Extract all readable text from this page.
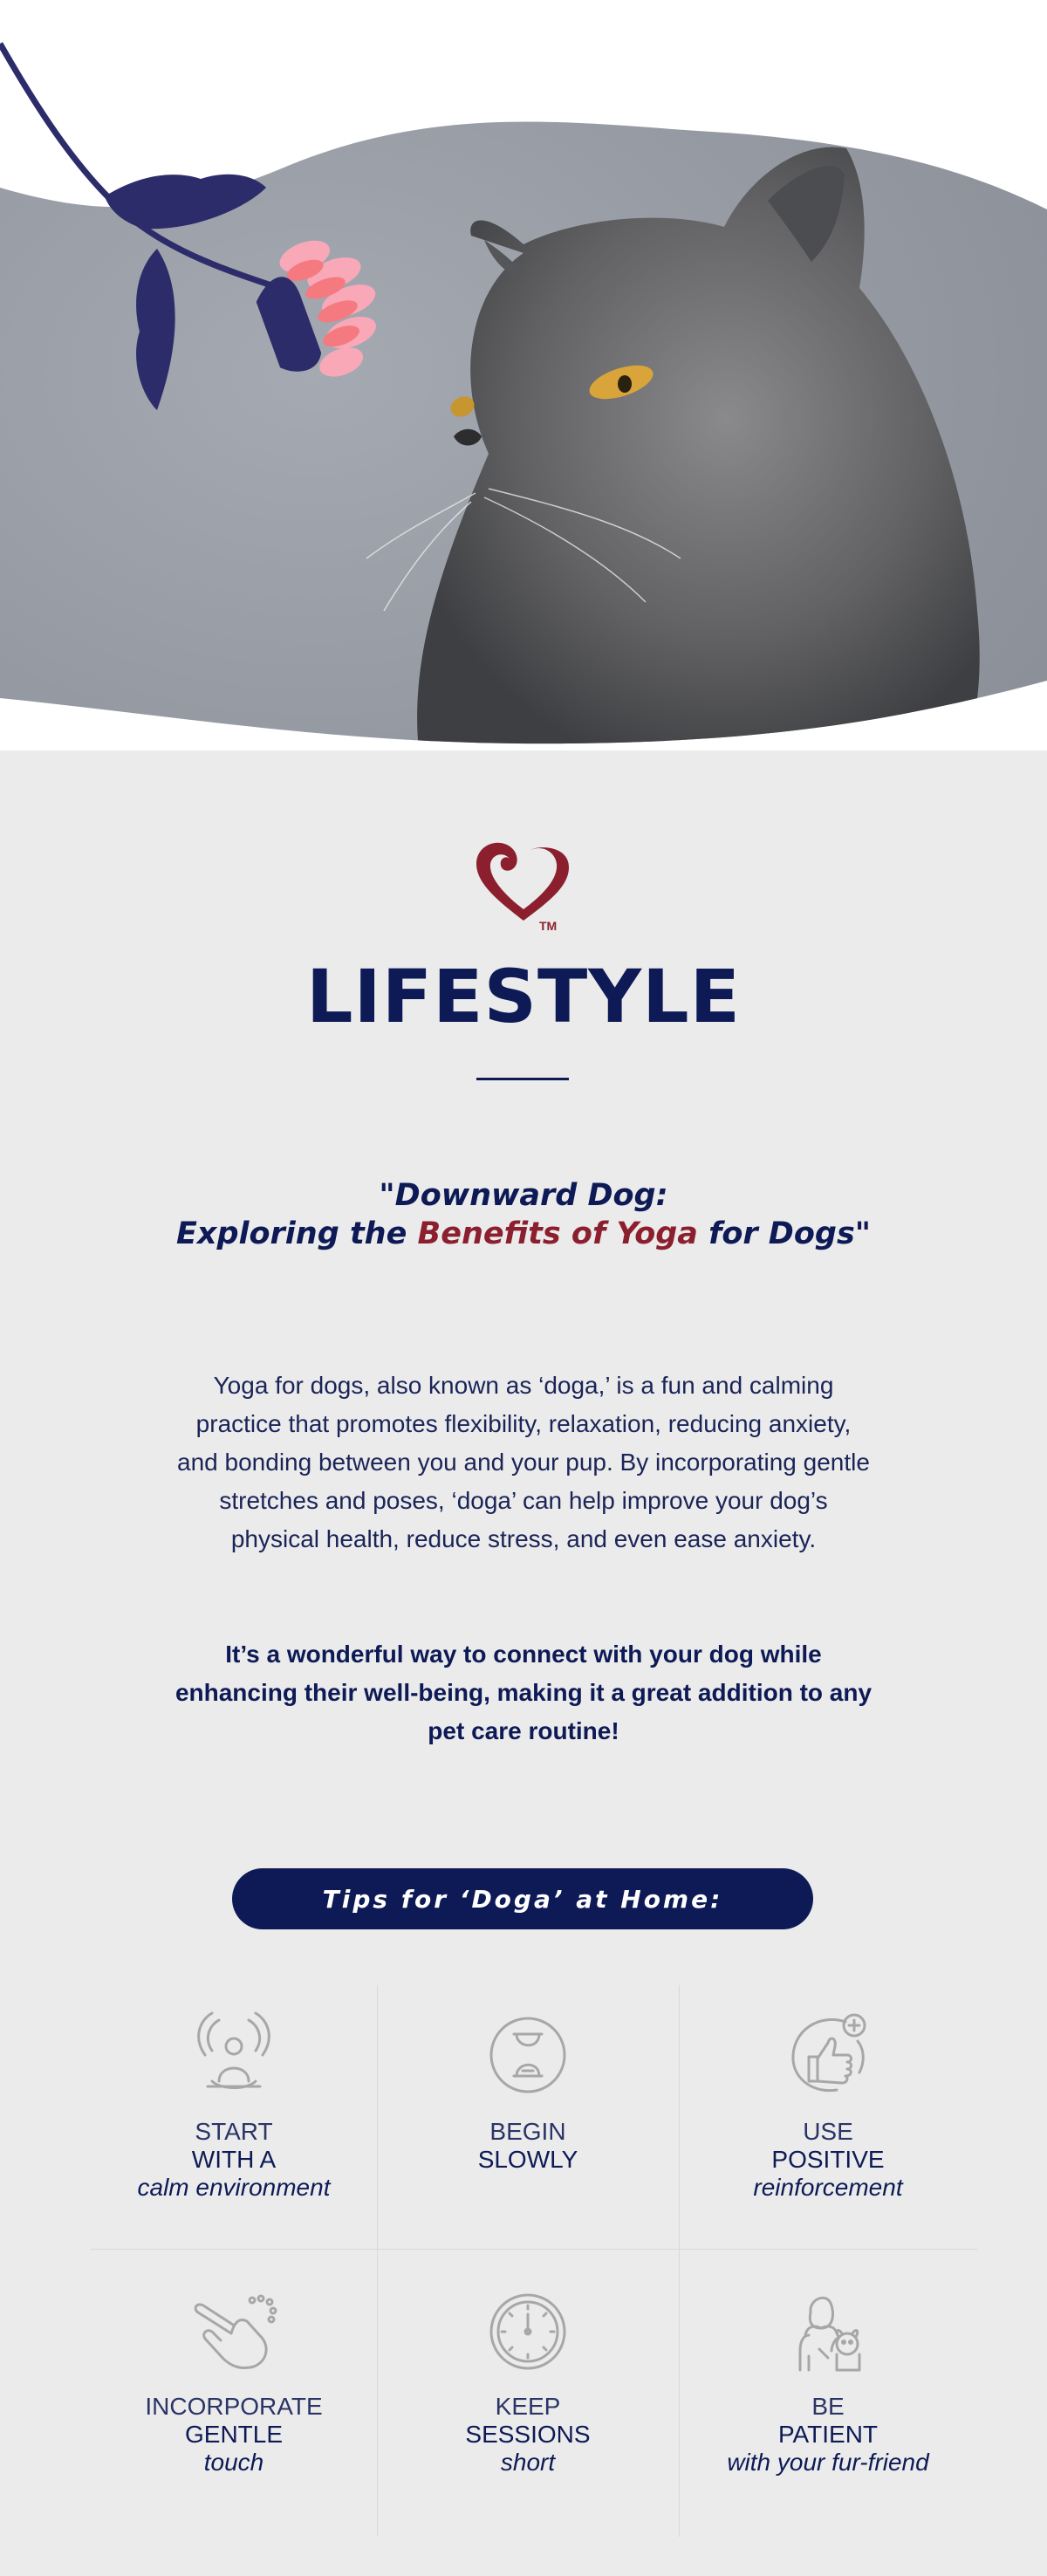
TM
LIFESTYLE
"Downward Dog:
Exploring the Benefits of Yoga for Dogs"
Yoga for dogs, also known as ‘doga,’ is a fun and calming practice that promotes flexibility, relaxation, reducing anxiety, and bonding between you and your pup. By incorporating gentle stretches and poses, ‘doga’ can help improve your dog’s physical health, reduce stress, and even ease anxiety.
It’s a wonderful way to connect with your dog while enhancing their well-being, making it a great addition to any pet care routine!
Tips for ‘Doga’ at Home:
START
WITH A
calm environment
BEGIN
SLOWLY
USE
POSITIVE
reinforcement
INCORPORATE
GENTLE
touch
KEEP
SESSIONS
short
BE
PATIENT
with your fur-friend
